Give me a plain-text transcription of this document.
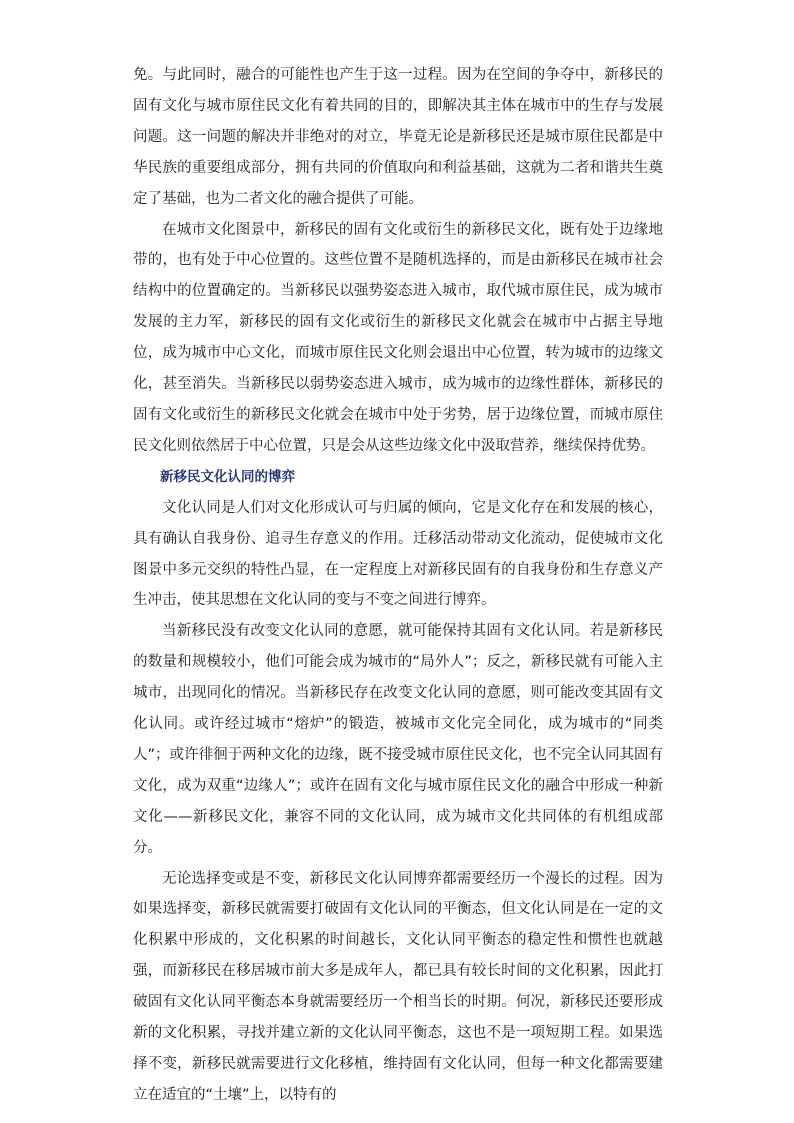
免。与此同时，融合的可能性也产生于这一过程。因为在空间的争夺中，新移民的固有文化与城市原住民文化有着共同的目的，即解决其主体在城市中的生存与发展问题。这一问题的解决并非绝对的对立，毕竟无论是新移民还是城市原住民都是中华民族的重要组成部分，拥有共同的价值取向和利益基础，这就为二者和谐共生奠定了基础，也为二者文化的融合提供了可能。

在城市文化图景中，新移民的固有文化或衍生的新移民文化，既有处于边缘地带的，也有处于中心位置的。这些位置不是随机选择的，而是由新移民在城市社会结构中的位置确定的。当新移民以强势姿态进入城市，取代城市原住民，成为城市发展的主力军，新移民的固有文化或衍生的新移民文化就会在城市中占据主导地位，成为城市中心文化，而城市原住民文化则会退出中心位置，转为城市的边缘文化，甚至消失。当新移民以弱势姿态进入城市，成为城市的边缘性群体，新移民的固有文化或衍生的新移民文化就会在城市中处于劣势，居于边缘位置，而城市原住民文化则依然居于中心位置，只是会从这些边缘文化中汲取营养，继续保持优势。

新移民文化认同的博弈

文化认同是人们对文化形成认可与归属的倾向，它是文化存在和发展的核心，具有确认自我身份、追寻生存意义的作用。迁移活动带动文化流动，促使城市文化图景中多元交织的特性凸显，在一定程度上对新移民固有的自我身份和生存意义产生冲击，使其思想在文化认同的变与不变之间进行博弈。

当新移民没有改变文化认同的意愿，就可能保持其固有文化认同。若是新移民的数量和规模较小，他们可能会成为城市的“局外人”；反之，新移民就有可能入主城市，出现同化的情况。当新移民存在改变文化认同的意愿，则可能改变其固有文化认同。或许经过城市“熔炉”的锻造，被城市文化完全同化，成为城市的“同类人”；或许徘徊于两种文化的边缘，既不接受城市原住民文化，也不完全认同其固有文化，成为双重“边缘人”；或许在固有文化与城市原住民文化的融合中形成一种新文化——新移民文化，兼容不同的文化认同，成为城市文化共同体的有机组成部分。

无论选择变或是不变，新移民文化认同博弈都需要经历一个漫长的过程。因为如果选择变，新移民就需要打破固有文化认同的平衡态，但文化认同是在一定的文化积累中形成的，文化积累的时间越长，文化认同平衡态的稳定性和惯性也就越强，而新移民在移居城市前大多是成年人，都已具有较长时间的文化积累，因此打破固有文化认同平衡态本身就需要经历一个相当长的时期。何况，新移民还要形成新的文化积累，寻找并建立新的文化认同平衡态，这也不是一项短期工程。如果选择不变，新移民就需要进行文化移植，维持固有文化认同，但每一种文化都需要建立在适宜的“土壤”上，以特有的
